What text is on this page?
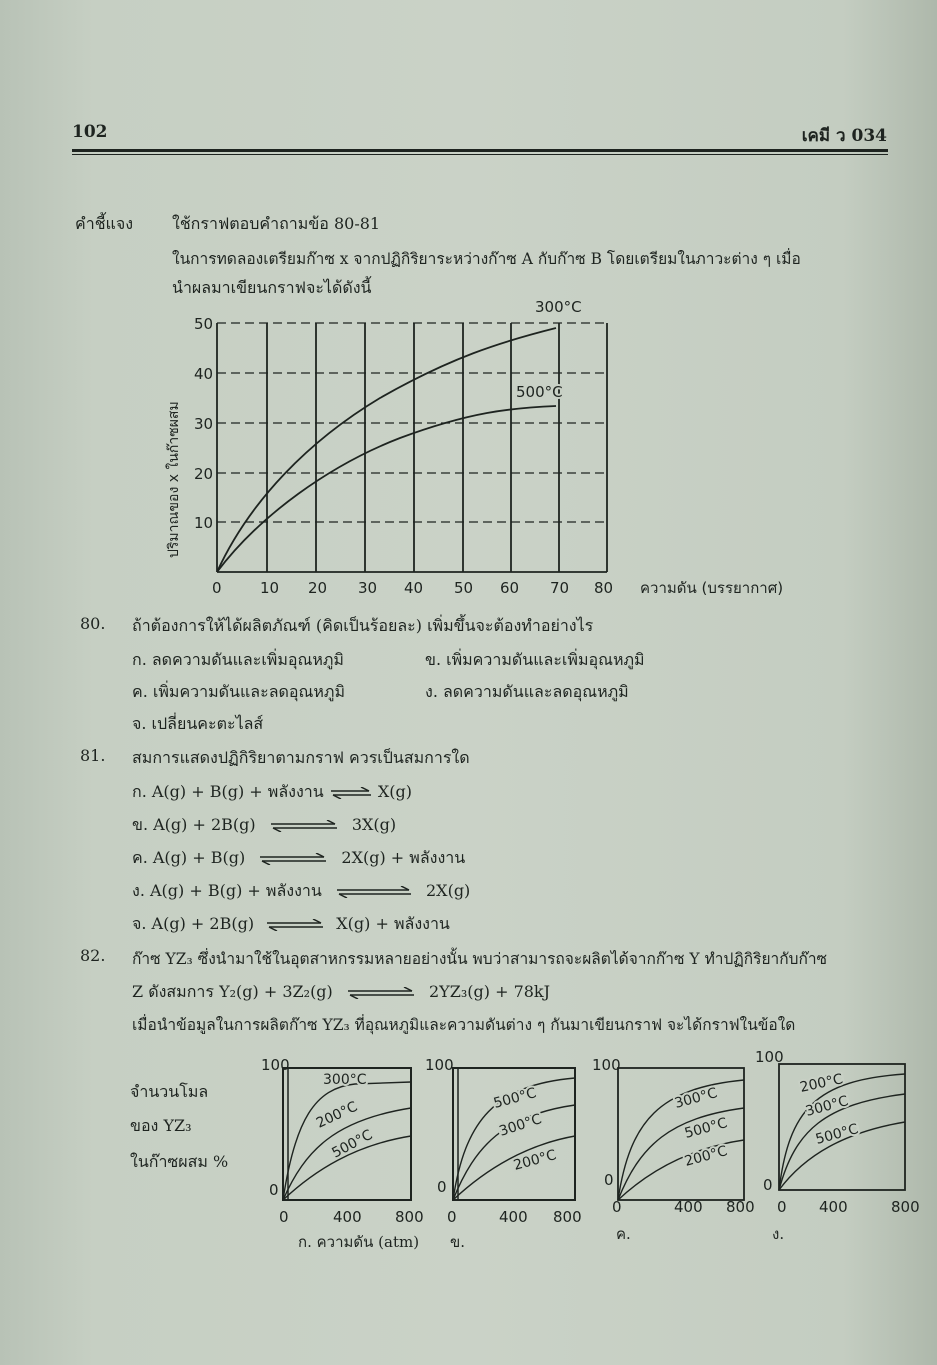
102	เคมี ว 034
คำชี้แจง ใช้กราฟตอบคำถามข้อ 80-81
ในการทดลองเตรียมก๊าซ x จากปฏิกิริยาระหว่างก๊าซ A กับก๊าซ B โดยเตรียมในภาวะต่าง ๆ เมื่อ
นำผลมาเขียนกราฟจะได้ดังนี้
50
40
30
20
10
ปริมาณของ x ในก๊าซผสม
0	10 20 30 40 50 60 70 80 ความดัน (บรรยากาศ)
300°C
500°C
80. ถ้าต้องการให้ได้ผลิตภัณฑ์ (คิดเป็นร้อยละ) เพิ่มขึ้นจะต้องทำอย่างไร
ก. ลดความดันและเพิ่มอุณหภูมิ	ข. เพิ่มความดันและเพิ่มอุณหภูมิ
ค. เพิ่มความดันและลดอุณหภูมิ	ง. ลดความดันและลดอุณหภูมิ
จ. เปลี่ยนคะตะไลส์
81. สมการแสดงปฏิกิริยาตามกราฟ ควรเป็นสมการใด
ก. A(g) + B(g) + พลังงาน ⇌ X(g)
ข. A(g) + 2B(g)	3X(g)
ค. A(g) + B(g)	2X(g) + พลังงาน
ง. A(g) + B(g) + พลังงาน	2X(g)
จ. A(g) + 2B(g) ⇌ X(g) + พลังงาน
82. ก๊าซ YZ₃ ซึ่งนำมาใช้ในอุตสาหกรรมหลายอย่างนั้น พบว่าสามารถจะผลิตได้จากก๊าซ Y ทำปฏิกิริยากับก๊าซ
Z ดังสมการ Y₂(g) + 3Z₂(g)	2YZ₃(g) + 78kJ
เมื่อนำข้อมูลในการผลิตก๊าซ YZ₃ ที่อุณหภูมิและความดันต่าง ๆ กันมาเขียนกราฟ จะได้กราฟในข้อใด
จำนวนโมล
ของ YZ₃
ในก๊าซผสม %
100
0
0	400 800
300°C
200°C
500°C
ก. ความดัน (atm)
100
0
0	400 800
500°C
300°C
200°C
ข.
100
0
0	400 800
300°C
500°C
200°C
ค.
100
0
0 400	800
200°C
300°C
500°C
ง.
